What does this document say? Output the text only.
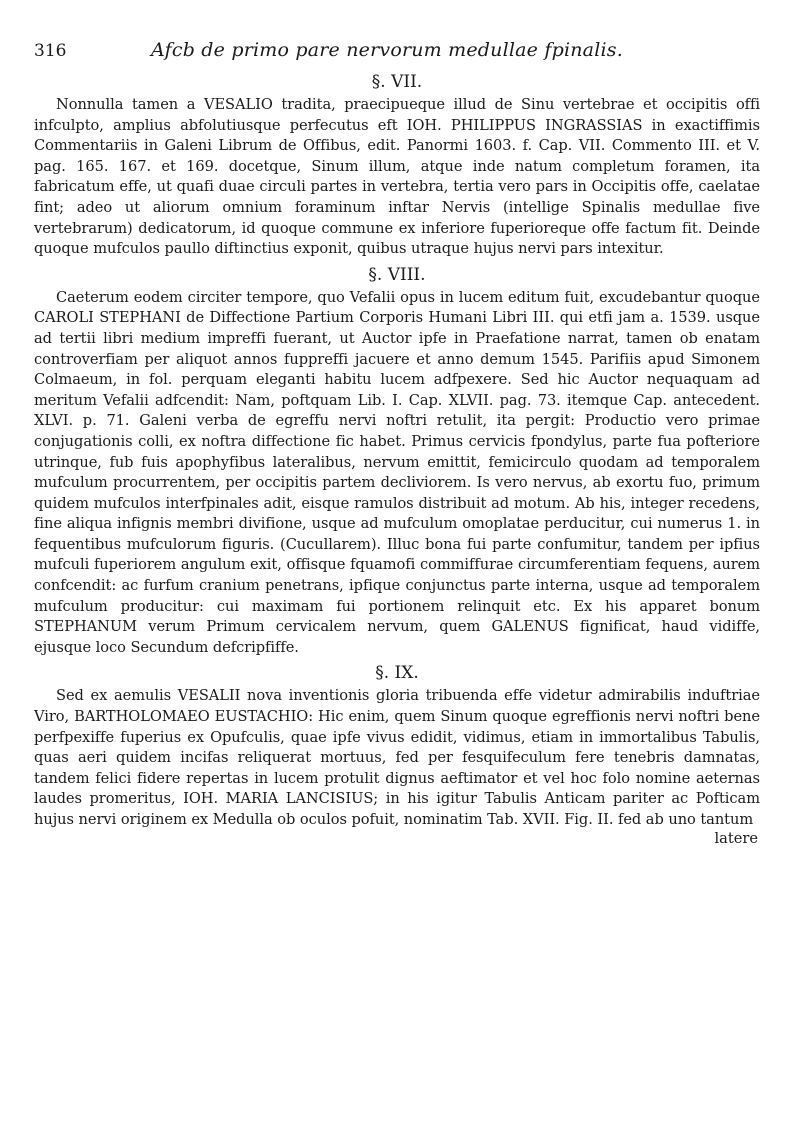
316	Afcb de primo pare nervorum medullae fpinalis.
§. VII.

Nonnulla tamen a VESALIO tradita, praecipueque illud de Sinu vertebrae et occipitis offi infculpto, amplius abfolutiusque perfecutus eft IOH. PHILIPPUS INGRASSIAS in exactiffimis Commentariis in Galeni Librum de Offibus, edit. Panormi 1603. f. Cap. VII. Commento III. et V. pag. 165. 167. et 169. docetque, Sinum illum, atque inde natum completum foramen, ita fabricatum effe, ut quafi duae circuli partes in vertebra, tertia vero pars in Occipitis offe, caelatae fint; adeo ut aliorum omnium foraminum inftar Nervis (intellige Spinalis medullae five vertebrarum) dedicatorum, id quoque commune ex inferiore fuperioreque offe factum fit. Deinde quoque mufculos paullo diftinctius exponit, quibus utraque hujus nervi pars intexitur.

§. VIII.

Caeterum eodem circiter tempore, quo Vefalii opus in lucem editum fuit, excudebantur quoque CAROLI STEPHANI de Diffectione Partium Corporis Humani Libri III. qui etfi jam a. 1539. usque ad tertii libri medium impreffi fuerant, ut Auctor ipfe in Praefatione narrat, tamen ob enatam controverfiam per aliquot annos fuppreffi jacuere et anno demum 1545. Parifiis apud Simonem Colmaeum, in fol. perquam eleganti habitu lucem adfpexere. Sed hic Auctor nequaquam ad meritum Vefalii adfcendit: Nam, poftquam Lib. I. Cap. XLVII. pag. 73. itemque Cap. antecedent. XLVI. p. 71. Galeni verba de egreffu nervi noftri retulit, ita pergit: Productio vero primae conjugationis colli, ex noftra diffectione fic habet. Primus cervicis fpondylus, parte fua pofteriore utrinque, fub fuis apophyfibus lateralibus, nervum emittit, femicirculo quodam ad temporalem mufculum procurrentem, per occipitis partem decliviorem. Is vero nervus, ab exortu fuo, primum quidem mufculos interfpinales adit, eisque ramulos distribuit ad motum. Ab his, integer recedens, fine aliqua infignis membri divifione, usque ad mufculum omoplatae perducitur, cui numerus 1. in fequentibus mufculorum figuris. (Cucullarem). Illuc bona fui parte confumitur, tandem per ipfius mufculi fuperiorem angulum exit, offisque fquamofi commiffurae circumferentiam fequens, aurem confcendit: ac furfum cranium penetrans, ipfique conjunctus parte interna, usque ad temporalem mufculum producitur: cui maximam fui portionem relinquit etc. Ex his apparet bonum STEPHANUM verum Primum cervicalem nervum, quem GALENUS fignificat, haud vidiffe, ejusque loco Secundum defcripfiffe.

§. IX.

Sed ex aemulis VESALII nova inventionis gloria tribuenda effe videtur admirabilis induftriae Viro, BARTHOLOMAEO EUSTACHIO: Hic enim, quem Sinum quoque egreffionis nervi noftri bene perfpexiffe fuperius ex Opufculis, quae ipfe vivus edidit, vidimus, etiam in immortalibus Tabulis, quas aeri quidem incifas reliquerat mortuus, fed per fesquifeculum fere tenebris damnatas, tandem felici fidere repertas in lucem protulit dignus aeftimator et vel hoc folo nomine aeternas laudes promeritus, IOH. MARIA LANCISIUS; in his igitur Tabulis Anticam pariter ac Pofticam hujus nervi originem ex Medulla ob oculos pofuit, nominatim Tab. XVII. Fig. II. fed ab uno tantum

latere
